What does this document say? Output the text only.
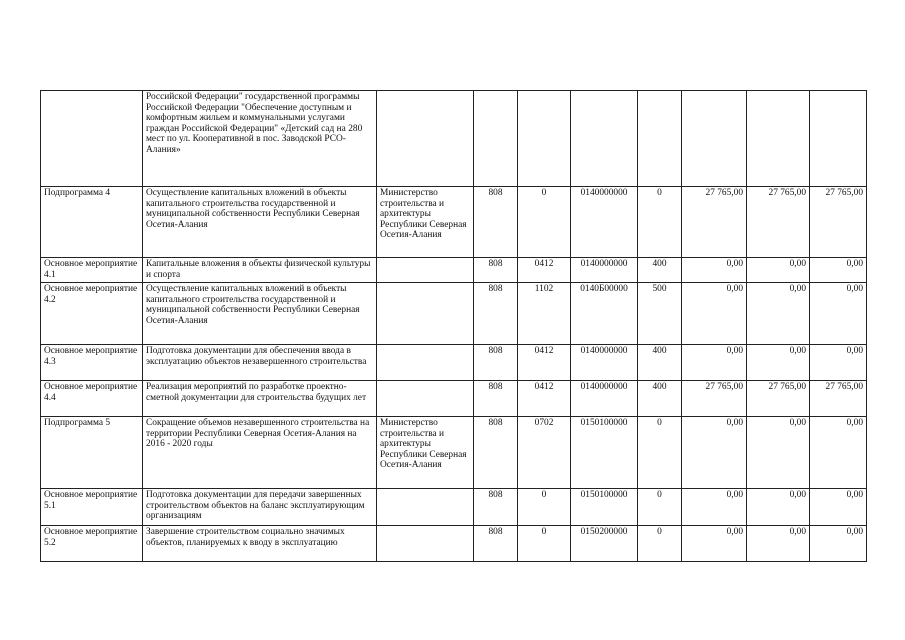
	Российской Федерации" государственной программы Российской Федерации "Обеспечение доступным и комфортным жильем и коммунальными услугами граждан Российской Федерации" «Детский сад на 280 мест по ул. Кооперативной в пос. Заводской РСО-Алания»								
Подпрограмма 4	Осуществление капитальных вложений в объекты капитального строительства государственной и муниципальной собственности Республики Северная Осетия-Алания	Министерство строительства и архитектуры Республики Северная Осетия-Алания	808	0	0140000000	0	27 765,00	27 765,00	27 765,00
Основное мероприятие 4.1	Капитальные вложения в объекты физической культуры и спорта		808	0412	0140000000	400	0,00	0,00	0,00
Основное мероприятие 4.2	Осуществление капитальных вложений в объекты капитального строительства государственной и муниципальной собственности Республики Северная Осетия-Алания		808	1102	0140Б00000	500	0,00	0,00	0,00
Основное мероприятие 4.3	Подготовка документации для обеспечения ввода в эксплуатацию объектов незавершенного строительства		808	0412	0140000000	400	0,00	0,00	0,00
Основное мероприятие 4.4	Реализация мероприятий по разработке проектно-сметной документации для строительства будущих лет		808	0412	0140000000	400	27 765,00	27 765,00	27 765,00
Подпрограмма 5	Сокращение объемов незавершенного строительства на территории Республики Северная Осетия-Алания на 2016 - 2020 годы	Министерство строительства и архитектуры Республики Северная Осетия-Алания	808	0702	0150100000	0	0,00	0,00	0,00
Основное мероприятие 5.1	Подготовка документации для передачи завершенных строительством объектов на баланс эксплуатирующим организациям		808	0	0150100000	0	0,00	0,00	0,00
Основное мероприятие 5.2	Завершение строительством социально значимых объектов, планируемых к вводу в эксплуатацию		808	0	0150200000	0	0,00	0,00	0,00
